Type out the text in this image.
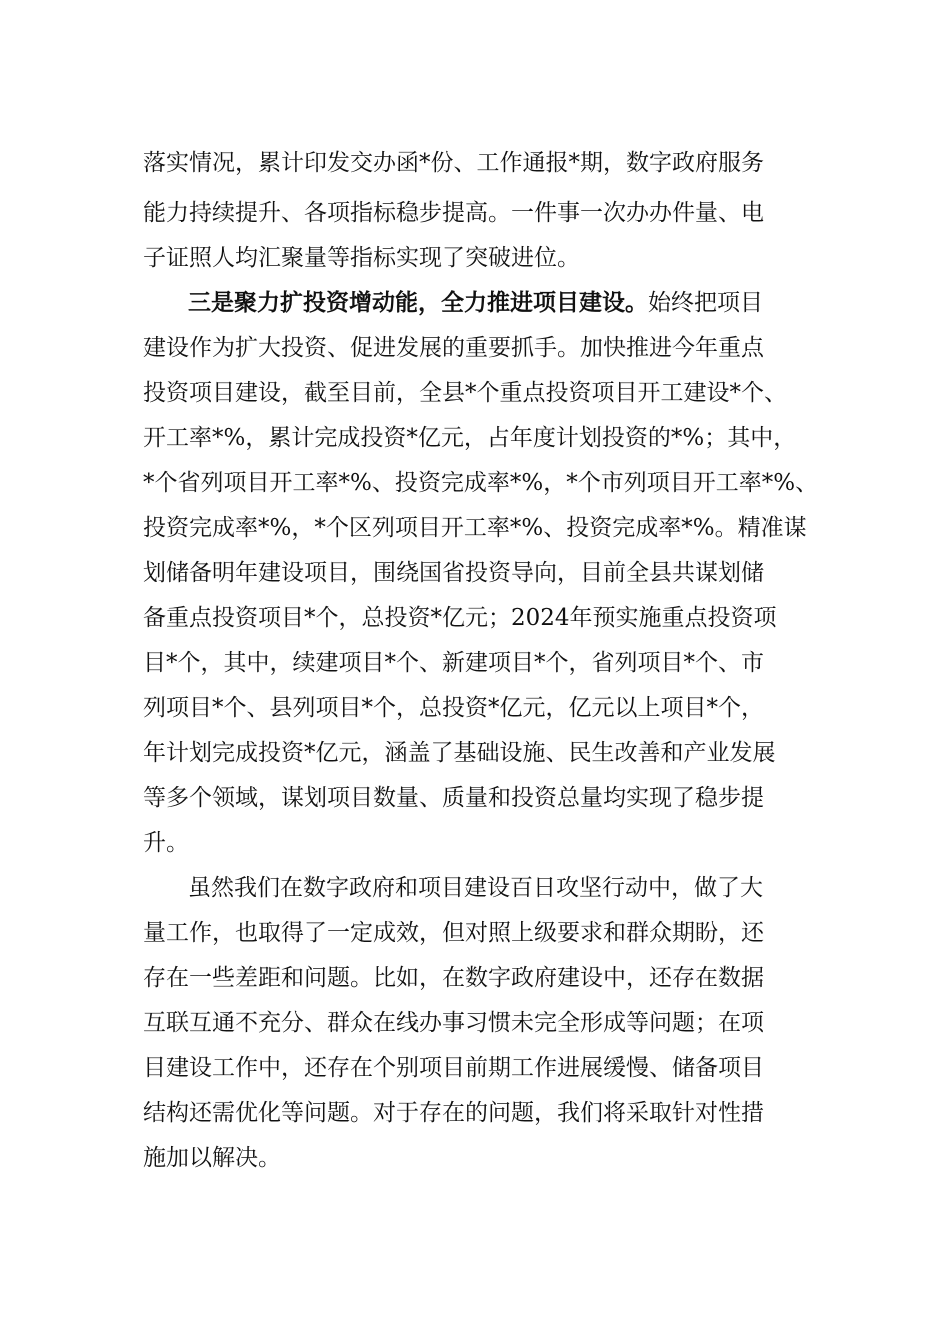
落实情况，累计印发交办函*份、工作通报*期，数字政府服务
能力持续提升、各项指标稳步提高。一件事一次办办件量、电
子证照人均汇聚量等指标实现了突破进位。
三是聚力扩投资增动能，全力推进项目建设。始终把项目
建设作为扩大投资、促进发展的重要抓手。加快推进今年重点
投资项目建设，截至目前，全县*个重点投资项目开工建设*个、
开工率*%，累计完成投资*亿元，占年度计划投资的*%；其中，
*个省列项目开工率*%、投资完成率*%，*个市列项目开工率*%、
投资完成率*%，*个区列项目开工率*%、投资完成率*%。精准谋
划储备明年建设项目，围绕国省投资导向，目前全县共谋划储
备重点投资项目*个，总投资*亿元；2024年预实施重点投资项
目*个，其中，续建项目*个、新建项目*个，省列项目*个、市
列项目*个、县列项目*个，总投资*亿元，亿元以上项目*个，
年计划完成投资*亿元，涵盖了基础设施、民生改善和产业发展
等多个领域，谋划项目数量、质量和投资总量均实现了稳步提
升。
虽然我们在数字政府和项目建设百日攻坚行动中，做了大
量工作，也取得了一定成效，但对照上级要求和群众期盼，还
存在一些差距和问题。比如，在数字政府建设中，还存在数据
互联互通不充分、群众在线办事习惯未完全形成等问题；在项
目建设工作中，还存在个别项目前期工作进展缓慢、储备项目
结构还需优化等问题。对于存在的问题，我们将采取针对性措
施加以解决。
